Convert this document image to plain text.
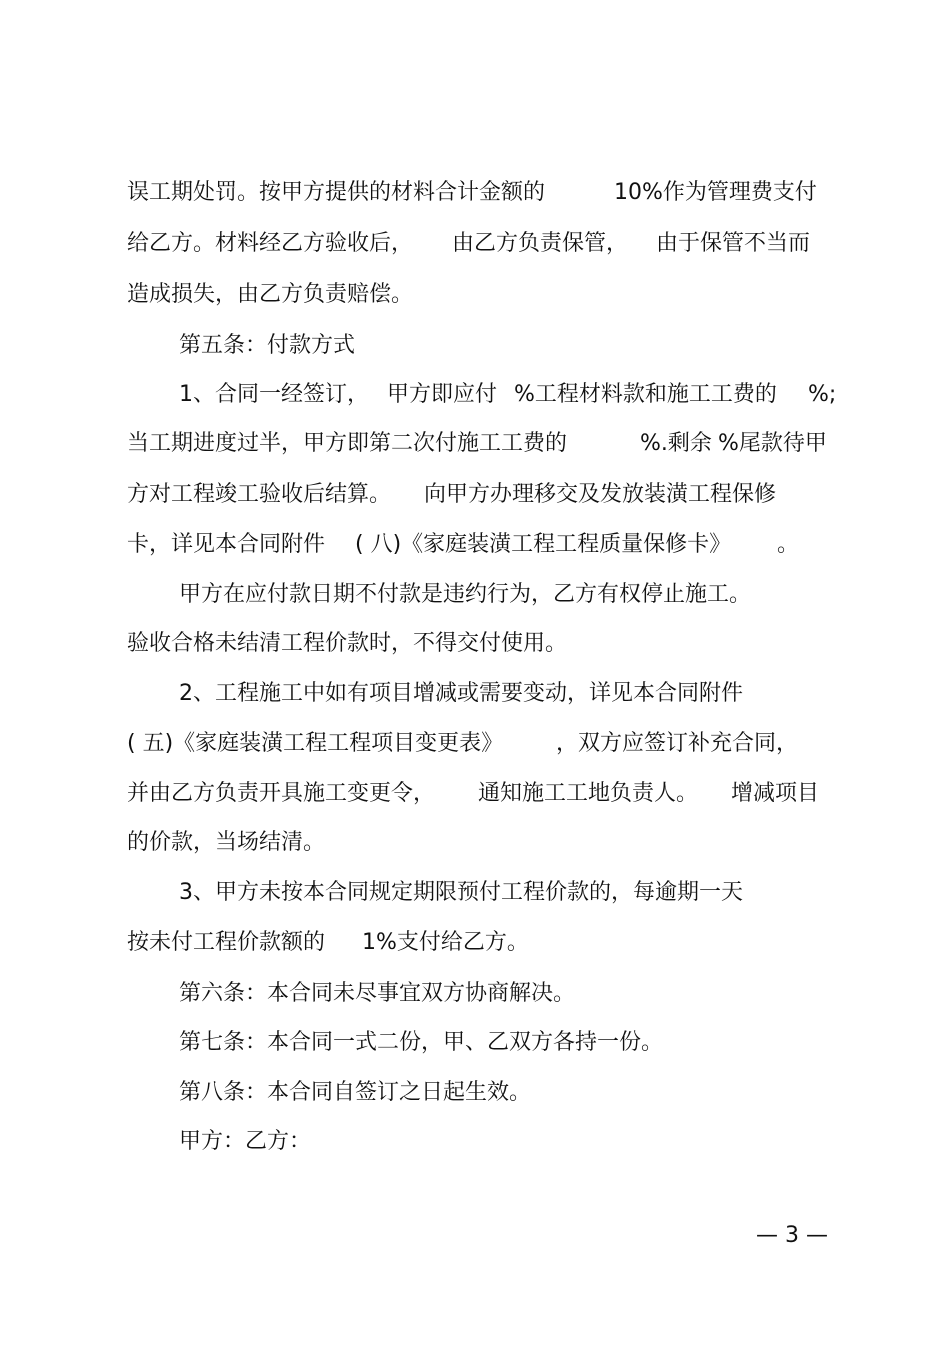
误工期处罚。按甲方提供的材料合计金额的

	10%作为管理费支付

给乙方。材料经乙方验收后，

由乙方负责保管，

由于保管不当而

造成损失，由乙方负责赔偿。

第五条：付款方式

1、合同一经签订，

甲方即应付

%工程材料款和施工工费的

%;

当工期进度过半，甲方即第二次付施工工费的

	%.剩余

%尾款待甲

方对工程竣工验收后结算。

向甲方办理移交及发放装潢工程保修

卡，详见本合同附件

( 八)《家庭装潢工程工程质量保修卡》

。

甲方在应付款日期不付款是违约行为，乙方有权停止施工。

验收合格未结清工程价款时，不得交付使用。

2、工程施工中如有项目增减或需要变动，详见本合同附件

( 五)《家庭装潢工程工程项目变更表》

，双方应签订补充合同，

并由乙方负责开具施工变更令，

通知施工工地负责人。

增减项目

的价款，当场结清。

3、甲方未按本合同规定期限预付工程价款的，每逾期一天

按未付工程价款额的

1%支付给乙方。

第六条：本合同未尽事宜双方协商解决。

第七条：本合同一式二份，甲、乙双方各持一份。

第八条：本合同自签订之日起生效。

甲方：乙方：

— 3 —
